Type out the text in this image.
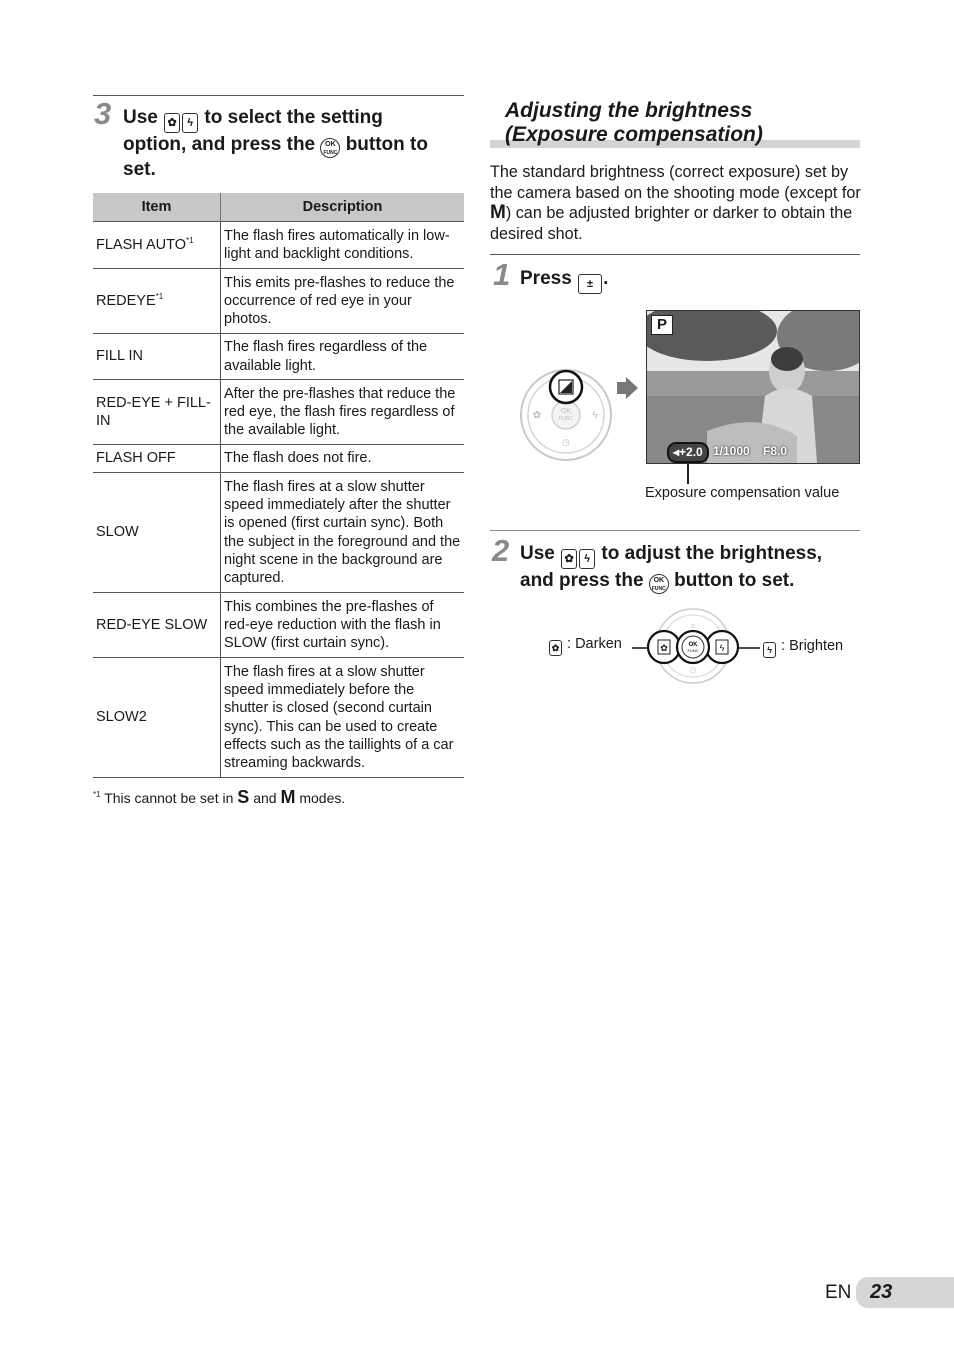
3 Use ✿ ϟ to select the setting
option, and press the OK
FUNC button to
set.
Item	Description
FLASH AUTO$^{*1}$	The flash fires automatically in low-light and backlight conditions.
REDEYE$^{*1}$	This emits pre-flashes to reduce the occurrence of red eye in your photos.
FILL IN	The flash fires regardless of the available light.
RED-EYE + FILL-IN	After the pre-flashes that reduce the red eye, the flash fires regardless of the available light.
FLASH OFF	The flash does not fire.
SLOW	The flash fires at a slow shutter speed immediately after the shutter is opened (first curtain sync). Both the subject in the foreground and the night scene in the background are captured.
RED-EYE SLOW	This combines the pre-flashes of red-eye reduction with the flash in SLOW (first curtain sync).
SLOW2	The flash fires at a slow shutter speed immediately before the shutter is closed (second curtain sync). This can be used to create effects such as the taillights of a car streaming backwards.
$^{*1}$ This cannot be set in S and M modes.
Adjusting the brightness
(Exposure compensation)
The standard brightness (correct exposure) set by the camera based on the shooting mode (except for M) can be adjusted brighter or darker to obtain the desired shot.
1 Press ± .
OK
FUNC
✿	ϟ
◷
P
◂+2.0 1/1000 F8.0
Exposure compensation value
2 Use ✿ ϟ to adjust the brightness,
and press the OK
FUNC button to set.
✿ : Darken	ϟ : Brighten
±
◷
✿	ϟ
OK
FUNC
EN 23
